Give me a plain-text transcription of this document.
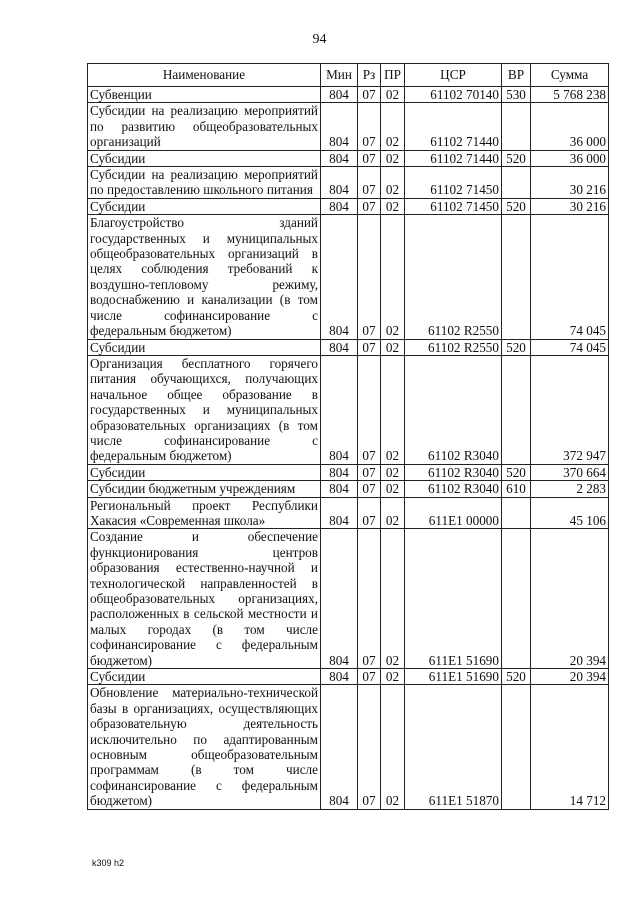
94
Наименование	Мин	Рз	ПР	ЦСР	ВР	Сумма
Субвенции	804	07	02	61102 70140	530	5 768 238
Субсидии на реализацию мероприятий по развитию общеобразовательных организаций	804	07	02	61102 71440		36 000
Субсидии	804	07	02	61102 71440	520	36 000
Субсидии на реализацию мероприятий по предоставлению школьного питания	804	07	02	61102 71450		30 216
Субсидии	804	07	02	61102 71450	520	30 216
Благоустройство зданий государственных и муниципальных общеобразовательных организаций в целях соблюдения требований к воздушно-тепловому режиму, водоснабжению и канализации (в том числе софинансирование с федеральным бюджетом)	804	07	02	61102 R2550		74 045
Субсидии	804	07	02	61102 R2550	520	74 045
Организация бесплатного горячего питания обучающихся, получающих начальное общее образование в государственных и муниципальных образовательных организациях (в том числе софинансирование с федеральным бюджетом)	804	07	02	61102 R3040		372 947
Субсидии	804	07	02	61102 R3040	520	370 664
Субсидии бюджетным учреждениям	804	07	02	61102 R3040	610	2 283
Региональный проект Республики Хакасия «Современная школа»	804	07	02	611E1 00000		45 106
Создание и обеспечение функционирования центров образования естественно-научной и технологической направленностей в общеобразовательных организациях, расположенных в сельской местности и малых городах (в том числе софинансирование с федеральным бюджетом)	804	07	02	611E1 51690		20 394
Субсидии	804	07	02	611E1 51690	520	20 394
Обновление материально-технической базы в организациях, осуществляющих образовательную деятельность исключительно по адаптированным основным общеобразовательным программам (в том числе софинансирование с федеральным бюджетом)	804	07	02	611E1 51870		14 712
k309 h2
